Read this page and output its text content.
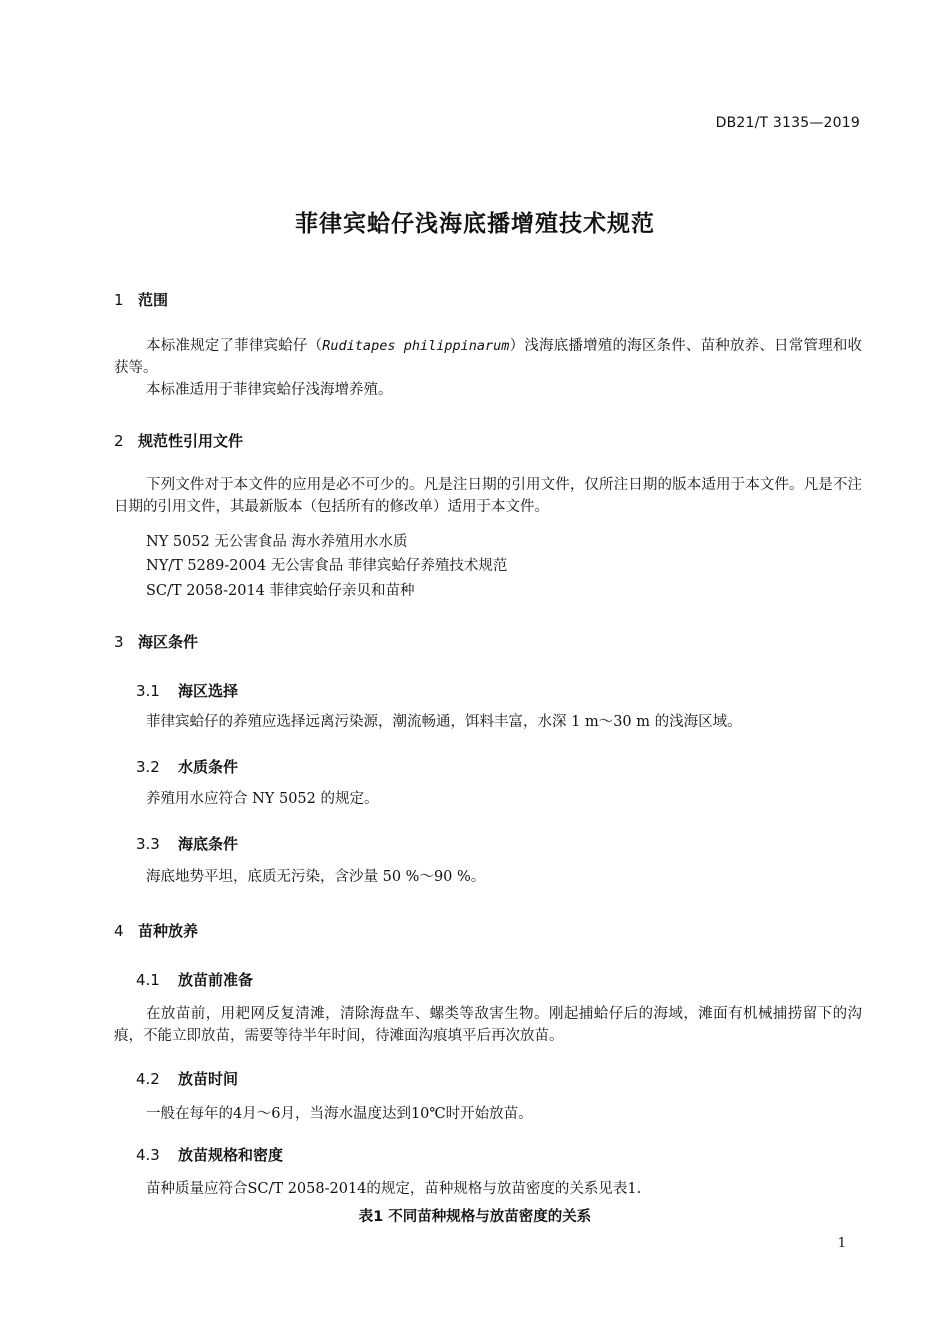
DB21/T 3135—2019
菲律宾蛤仔浅海底播增殖技术规范
1 范围
本标准规定了菲律宾蛤仔（Ruditapes philippinarum）浅海底播增殖的海区条件、苗种放养、日常管理和收获等。
本标准适用于菲律宾蛤仔浅海增养殖。
2 规范性引用文件
下列文件对于本文件的应用是必不可少的。凡是注日期的引用文件，仅所注日期的版本适用于本文件。凡是不注日期的引用文件，其最新版本（包括所有的修改单）适用于本文件。
NY 5052 无公害食品 海水养殖用水水质
NY/T 5289-2004 无公害食品 菲律宾蛤仔养殖技术规范
SC/T 2058-2014 菲律宾蛤仔亲贝和苗种
3 海区条件
3.1 海区选择
菲律宾蛤仔的养殖应选择远离污染源，潮流畅通，饵料丰富，水深 1 m～30 m 的浅海区域。
3.2 水质条件
养殖用水应符合 NY 5052 的规定。
3.3 海底条件
海底地势平坦，底质无污染，含沙量 50 %～90 %。
4 苗种放养
4.1 放苗前准备
在放苗前，用耙网反复清滩，清除海盘车、螺类等敌害生物。刚起捕蛤仔后的海域，滩面有机械捕捞留下的沟痕，不能立即放苗，需要等待半年时间，待滩面沟痕填平后再次放苗。
4.2 放苗时间
一般在每年的4月～6月，当海水温度达到10℃时开始放苗。
4.3 放苗规格和密度
苗种质量应符合SC/T 2058-2014的规定，苗种规格与放苗密度的关系见表1.
表1 不同苗种规格与放苗密度的关系
1
